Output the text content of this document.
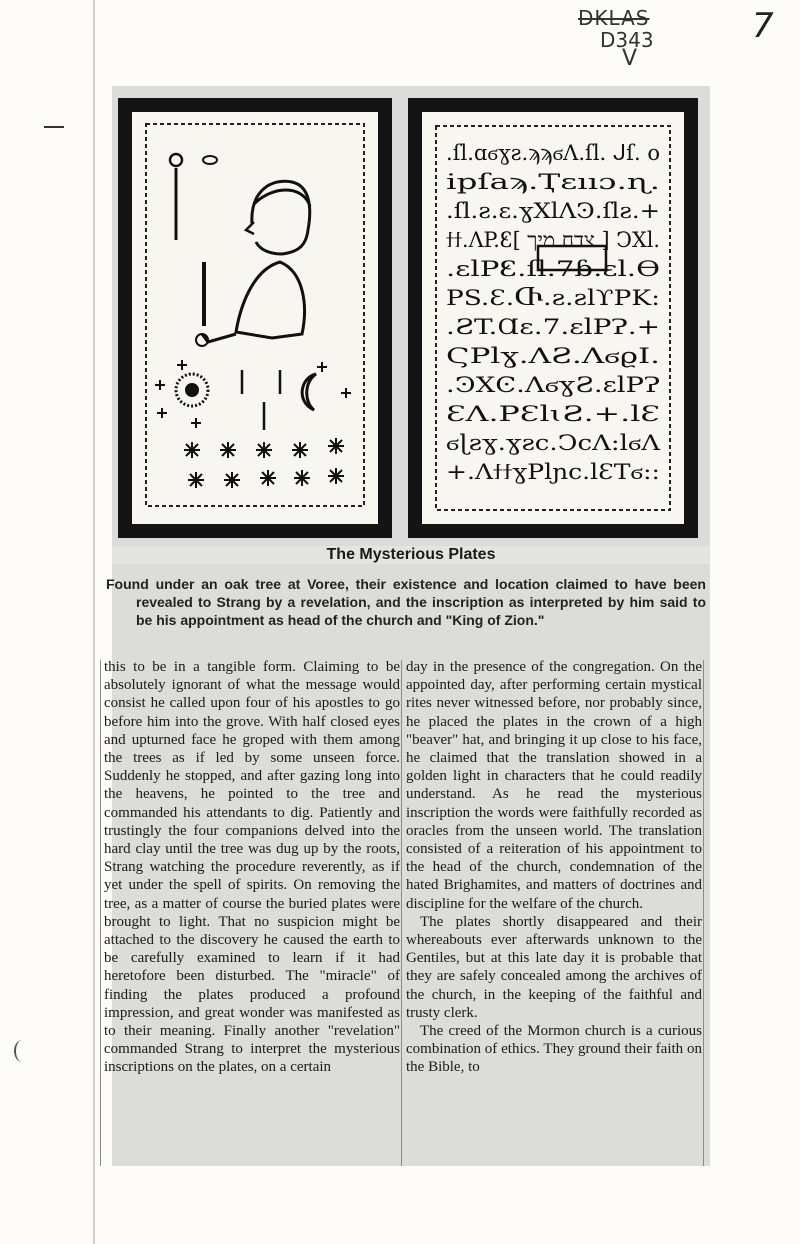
DKLAS
D343
V
7
.ſl.ɑϭɣƨ.ϡϡϭɅ.ſl. ᒍſ. o
ipſaϡ.Ҭɛııɔ.ɳ.
.ſl.ƨ.ɛ.ɣXlɅϿ.ſlƨ.+
ϯϯ.ɅP.Ꜫ[ צדח מיך ] ϽXl.
.ɛlPꜪ.ſl.7ɓ.ɛl.ϴ
PS.Ɛ.Ⴇ.ƨ.ƨlϒPK:
.ƧT.Ɑɛ.7.ɛlPɁ.+
ϚPlɣ.ɅƧ.ɅϭϱI.
.ϿXϾ.ɅϭɣƧ.ɛlPɁ
ƐɅ.PƐlɩƧ.+.lƐ
ϭɭƨɣ.ɣƨϲ.ϽϲɅ:lϭɅ
+.ɅϯϯɣPlɲϲ.lƐTϭ::
The Mysterious Plates
Found under an oak tree at Voree, their existence and location claimed to have been revealed to Strang by a revelation, and the inscription as interpreted by him said to be his appointment as head of the church and "King of Zion."

this to be in a tangible form. Claiming to be absolutely ignorant of what the message would consist he called upon four of his apostles to go before him into the grove. With half closed eyes and upturned face he groped with them among the trees as if led by some unseen force. Suddenly he stopped, and after gazing long into the heavens, he pointed to the tree and commanded his attendants to dig. Patiently and trustingly the four companions delved into the hard clay until the tree was dug up by the roots, Strang watching the procedure reverently, as if yet under the spell of spirits. On removing the tree, as a matter of course the buried plates were brought to light. That no suspicion might be attached to the discovery he caused the earth to be carefully examined to learn if it had heretofore been disturbed. The "miracle" of finding the plates produced a profound impression, and great wonder was manifested as to their meaning. Finally another "revelation" commanded Strang to interpret the mysterious inscriptions on the plates, on a certain

day in the presence of the congregation. On the appointed day, after performing certain mystical rites never witnessed before, nor probably since, he placed the plates in the crown of a high "beaver" hat, and bringing it up close to his face, he claimed that the translation showed in a golden light in characters that he could readily understand. As he read the mysterious inscription the words were faithfully recorded as oracles from the unseen world. The translation consisted of a reiteration of his appointment to the head of the church, condemnation of the hated Brighamites, and matters of doctrines and discipline for the welfare of the church.

The plates shortly disappeared and their whereabouts ever afterwards unknown to the Gentiles, but at this late day it is probable that they are safely concealed among the archives of the church, in the keeping of the faithful and trusty clerk.

The creed of the Mormon church is a curious combination of ethics. They ground their faith on the Bible, to
